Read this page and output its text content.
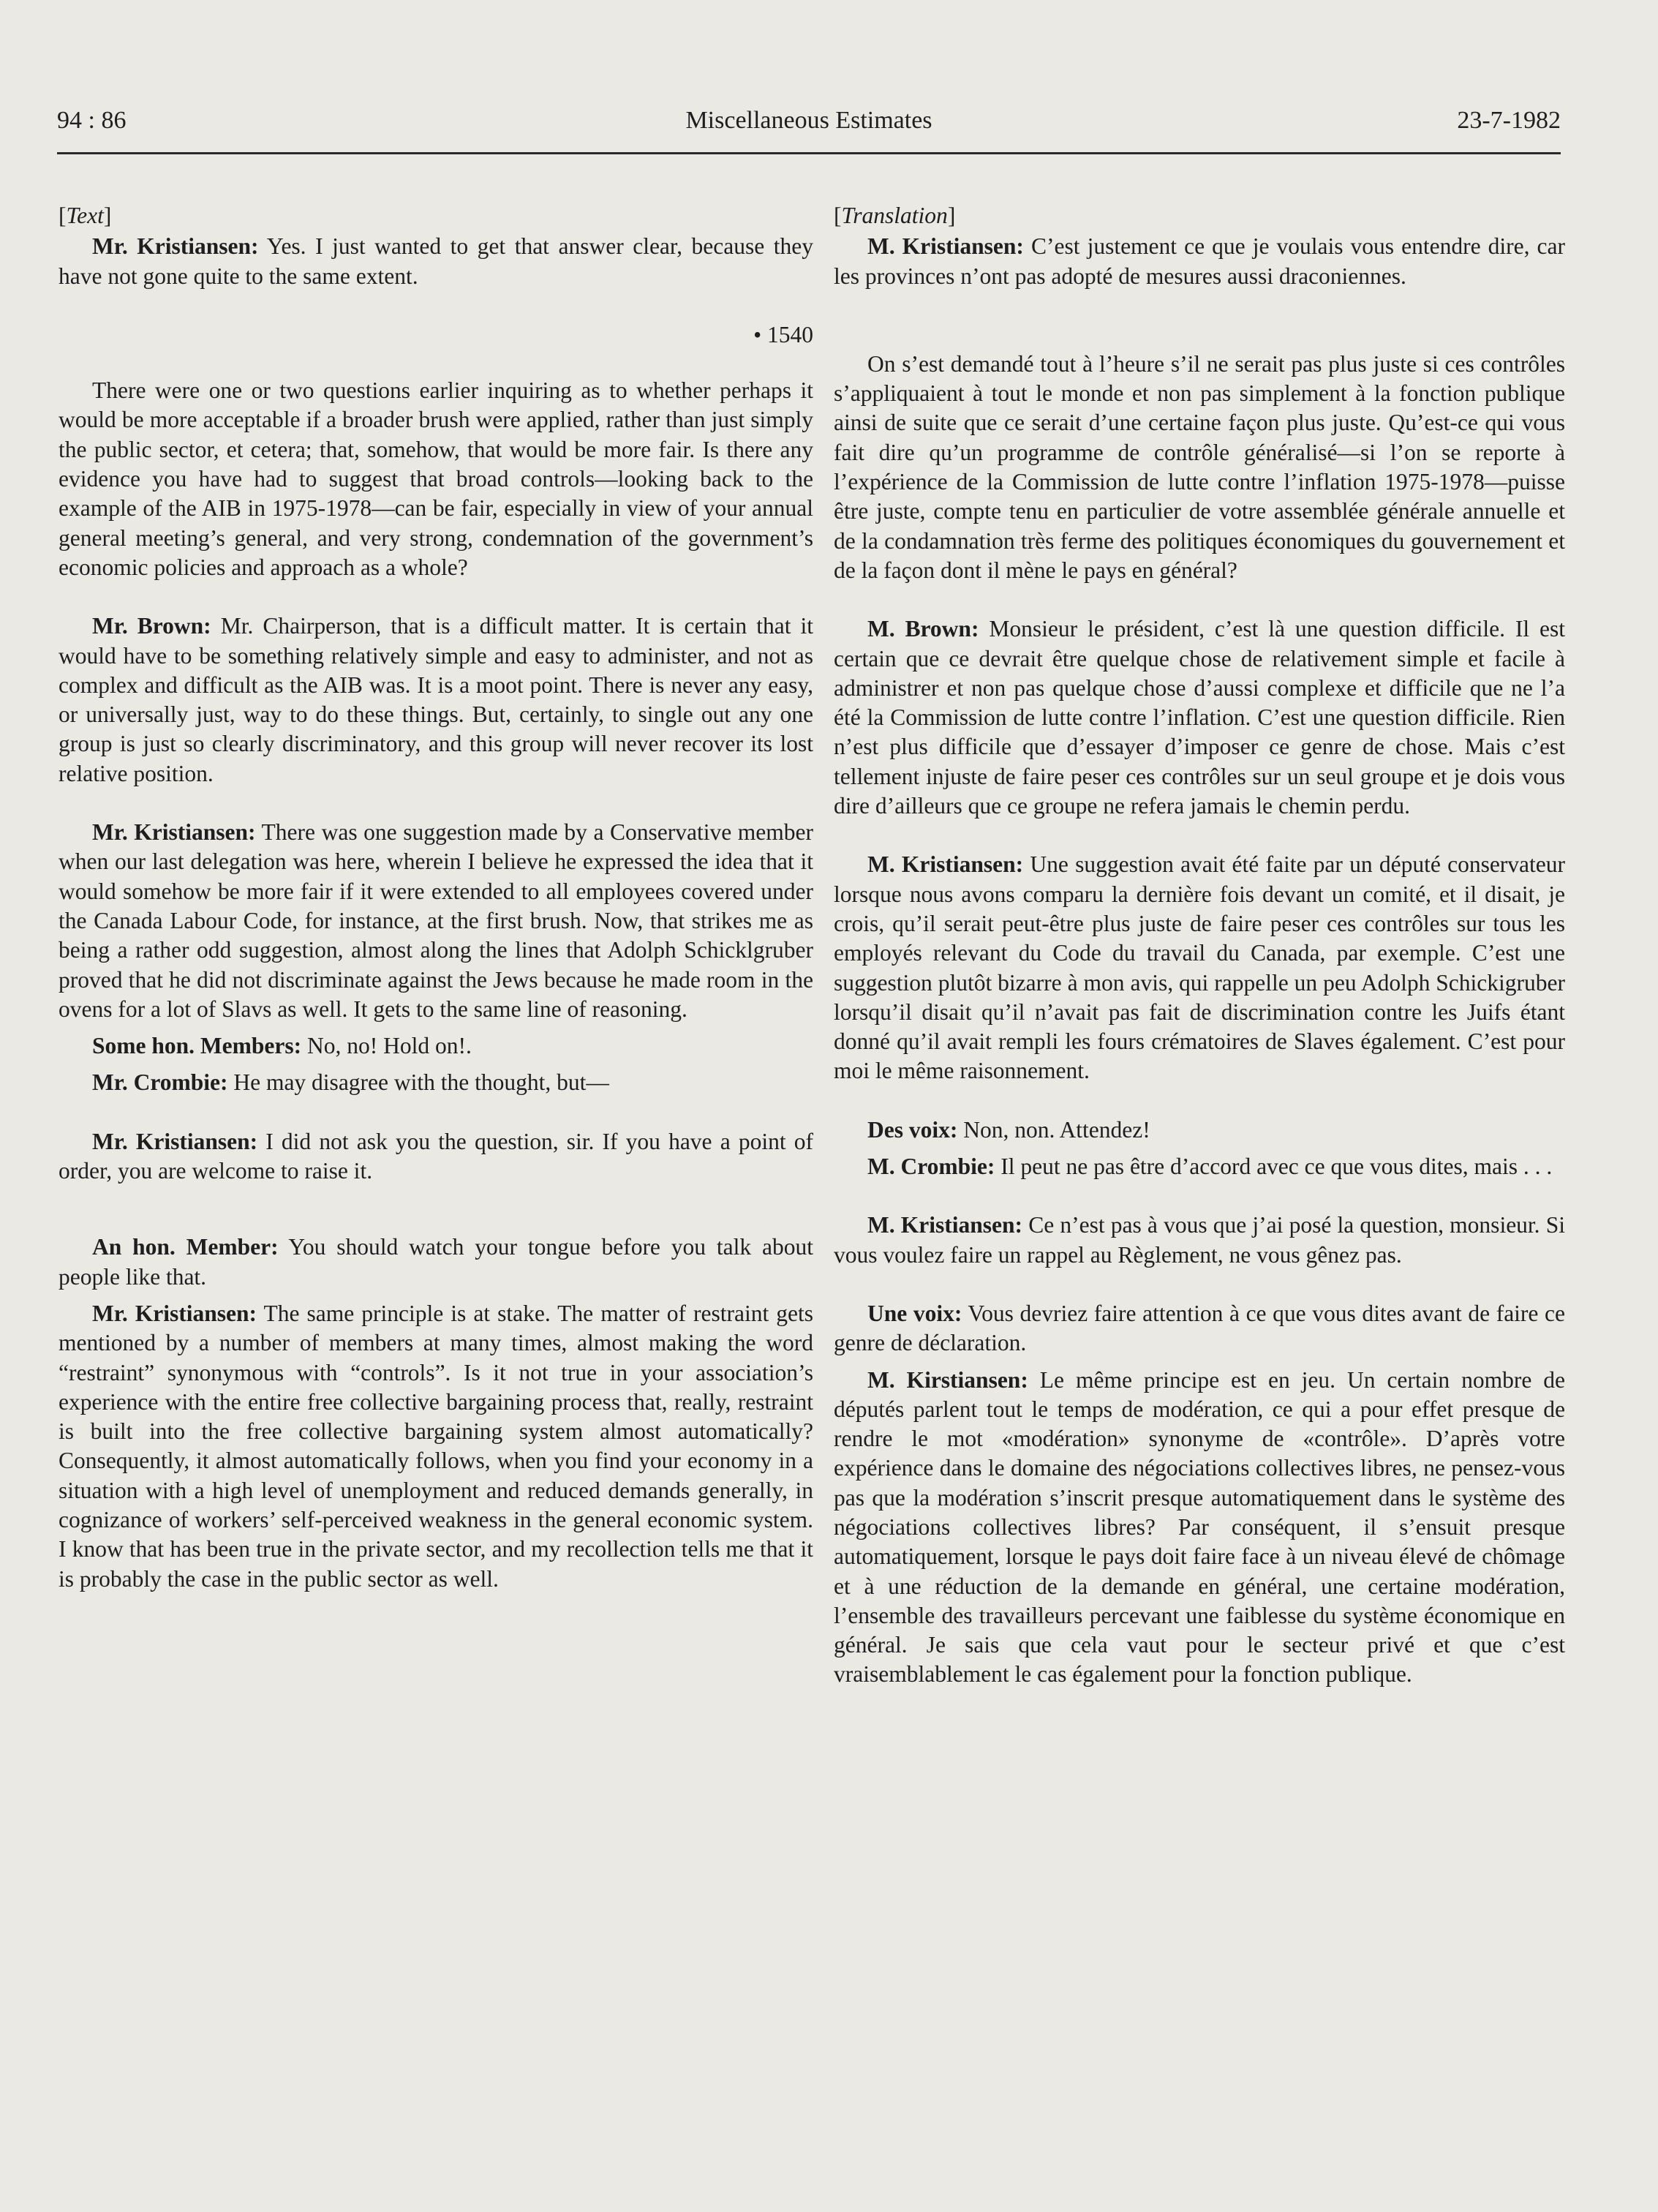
94 : 86	Miscellaneous Estimates	23-7-1982

[Text]

Mr. Kristiansen: Yes. I just wanted to get that answer clear, because they have not gone quite to the same extent.

• 1540

There were one or two questions earlier inquiring as to whether perhaps it would be more acceptable if a broader brush were applied, rather than just simply the public sector, et cetera; that, somehow, that would be more fair. Is there any evidence you have had to suggest that broad controls—looking back to the example of the AIB in 1975-1978—can be fair, especially in view of your annual general meeting’s general, and very strong, condemnation of the government’s economic policies and approach as a whole?

Mr. Brown: Mr. Chairperson, that is a difficult matter. It is certain that it would have to be something relatively simple and easy to administer, and not as complex and difficult as the AIB was. It is a moot point. There is never any easy, or universally just, way to do these things. But, certainly, to single out any one group is just so clearly discriminatory, and this group will never recover its lost relative position.

Mr. Kristiansen: There was one suggestion made by a Conservative member when our last delegation was here, wherein I believe he expressed the idea that it would somehow be more fair if it were extended to all employees covered under the Canada Labour Code, for instance, at the first brush. Now, that strikes me as being a rather odd suggestion, almost along the lines that Adolph Schicklgruber proved that he did not discriminate against the Jews because he made room in the ovens for a lot of Slavs as well. It gets to the same line of reasoning.

Some hon. Members: No, no! Hold on!.

Mr. Crombie: He may disagree with the thought, but—

Mr. Kristiansen: I did not ask you the question, sir. If you have a point of order, you are welcome to raise it.

An hon. Member: You should watch your tongue before you talk about people like that.

Mr. Kristiansen: The same principle is at stake. The matter of restraint gets mentioned by a number of members at many times, almost making the word “restraint” synonymous with “controls”. Is it not true in your association’s experience with the entire free collective bargaining process that, really, restraint is built into the free collective bargaining system almost automatically? Consequently, it almost automatically follows, when you find your economy in a situation with a high level of unemployment and reduced demands generally, in cognizance of workers’ self-perceived weakness in the general economic system. I know that has been true in the private sector, and my recollection tells me that it is probably the case in the public sector as well.

[Translation]

M. Kristiansen: C’est justement ce que je voulais vous entendre dire, car les provinces n’ont pas adopté de mesures aussi draconiennes.

On s’est demandé tout à l’heure s’il ne serait pas plus juste si ces contrôles s’appliquaient à tout le monde et non pas simplement à la fonction publique ainsi de suite que ce serait d’une certaine façon plus juste. Qu’est-ce qui vous fait dire qu’un programme de contrôle généralisé—si l’on se reporte à l’expérience de la Commission de lutte contre l’inflation 1975-1978—puisse être juste, compte tenu en particulier de votre assemblée générale annuelle et de la condamnation très ferme des politiques économiques du gouvernement et de la façon dont il mène le pays en général?

M. Brown: Monsieur le président, c’est là une question difficile. Il est certain que ce devrait être quelque chose de relativement simple et facile à administrer et non pas quelque chose d’aussi complexe et difficile que ne l’a été la Commission de lutte contre l’inflation. C’est une question difficile. Rien n’est plus difficile que d’essayer d’imposer ce genre de chose. Mais c’est tellement injuste de faire peser ces contrôles sur un seul groupe et je dois vous dire d’ailleurs que ce groupe ne refera jamais le chemin perdu.

M. Kristiansen: Une suggestion avait été faite par un député conservateur lorsque nous avons comparu la dernière fois devant un comité, et il disait, je crois, qu’il serait peut-être plus juste de faire peser ces contrôles sur tous les employés relevant du Code du travail du Canada, par exemple. C’est une suggestion plutôt bizarre à mon avis, qui rappelle un peu Adolph Schickigruber lorsqu’il disait qu’il n’avait pas fait de discrimination contre les Juifs étant donné qu’il avait rempli les fours crématoires de Slaves également. C’est pour moi le même raisonnement.

Des voix: Non, non. Attendez!

M. Crombie: Il peut ne pas être d’accord avec ce que vous dites, mais . . .

M. Kristiansen: Ce n’est pas à vous que j’ai posé la question, monsieur. Si vous voulez faire un rappel au Règlement, ne vous gênez pas.

Une voix: Vous devriez faire attention à ce que vous dites avant de faire ce genre de déclaration.

M. Kirstiansen: Le même principe est en jeu. Un certain nombre de députés parlent tout le temps de modération, ce qui a pour effet presque de rendre le mot «modération» synonyme de «contrôle». D’après votre expérience dans le domaine des négociations collectives libres, ne pensez-vous pas que la modération s’inscrit presque automatiquement dans le système des négociations collectives libres? Par conséquent, il s’ensuit presque automatiquement, lorsque le pays doit faire face à un niveau élevé de chômage et à une réduction de la demande en général, une certaine modération, l’ensemble des travailleurs percevant une faiblesse du système économique en général. Je sais que cela vaut pour le secteur privé et que c’est vraisemblablement le cas également pour la fonction publique.
